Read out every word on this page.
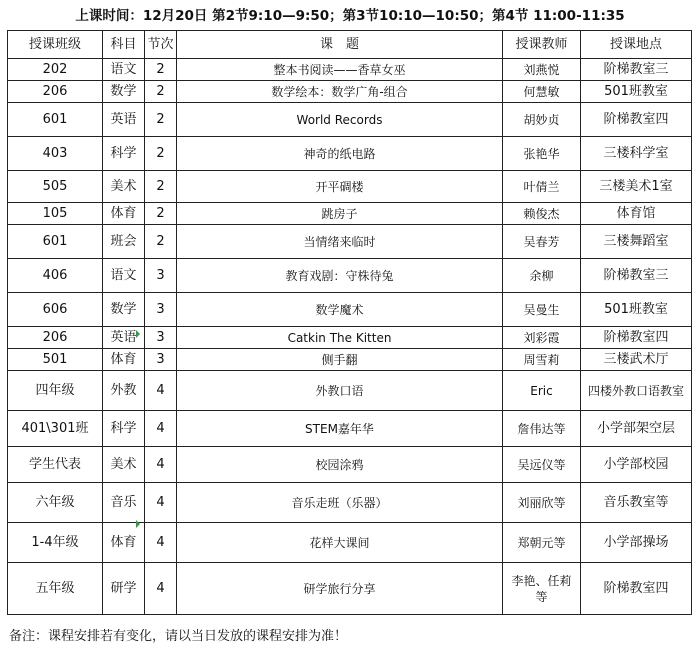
上课时间：12月20日 第2节9:10—9:50；第3节10:10—10:50；第4节 11:00-11:35
授课班级	科目	节次	课　题	授课教师	授课地点
202	语文	2	整本书阅读——香草女巫	刘燕悦	阶梯教室三
206	数学	2	数学绘本：数学广角-组合	何慧敏	501班教室
601	英语	2	World Records	胡妙贞	阶梯教室四
403	科学	2	神奇的纸电路	张艳华	三楼科学室
505	美术	2	开平碉楼	叶倩兰	三楼美术1室
105	体育	2	跳房子	赖俊杰	体育馆
601	班会	2	当情绪来临时	吴春芳	三楼舞蹈室
406	语文	3	教育戏剧：守株待兔	余柳	阶梯教室三
606	数学	3	数学魔术	吴曼生	501班教室
206	英语	3	Catkin The Kitten	刘彩霞	阶梯教室四
501	体育	3	侧手翻	周雪莉	三楼武术厅
四年级	外教	4	外教口语	Eric	四楼外教口语教室
401\301班	科学	4	STEM嘉年华	詹伟达等	小学部架空层
学生代表	美术	4	校园涂鸦	吴远仪等	小学部校园
六年级	音乐	4	音乐走班（乐器）	刘丽欣等	音乐教室等
1-4年级	体育	4	花样大课间	郑朝元等	小学部操场
五年级	研学	4	研学旅行分享	李艳、任莉等	阶梯教室四
备注：课程安排若有变化，请以当日发放的课程安排为准！
